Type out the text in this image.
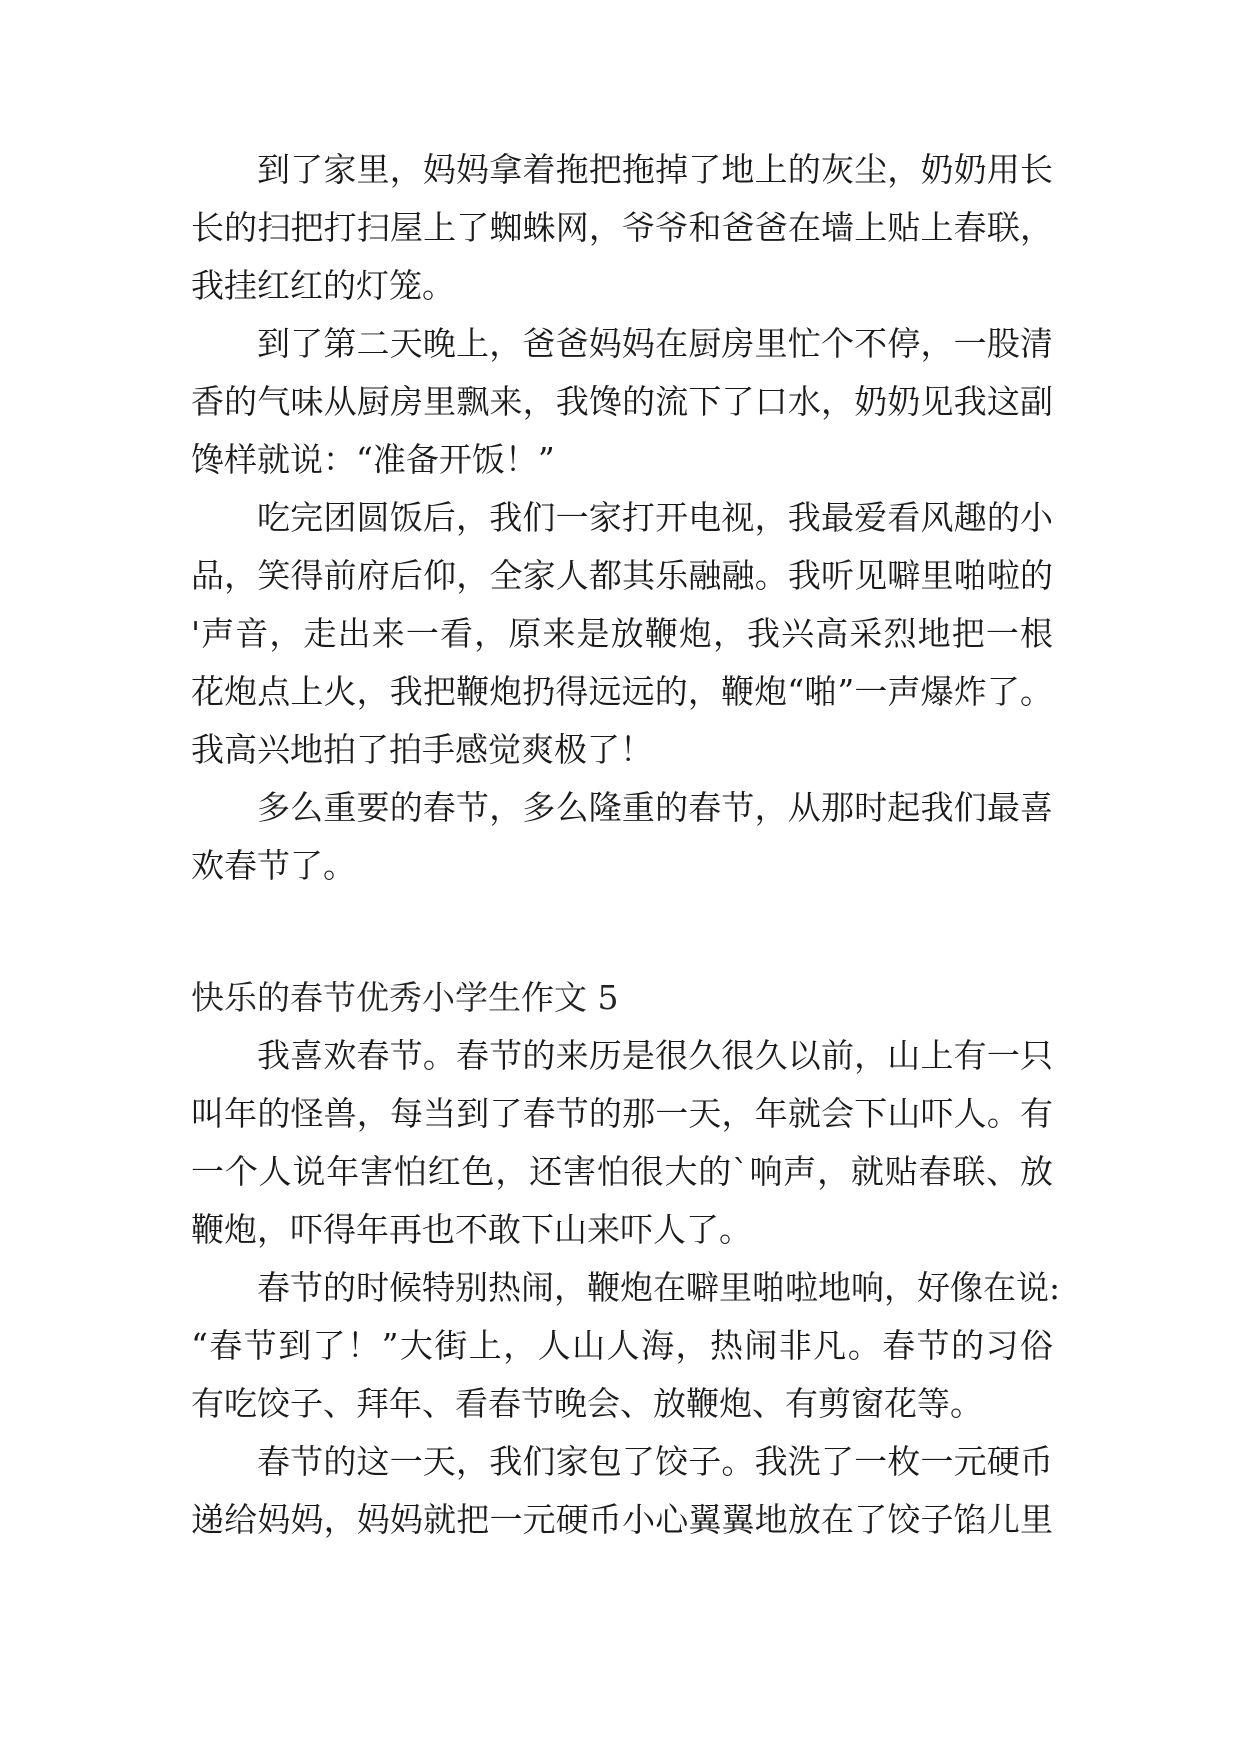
到了家里，妈妈拿着拖把拖掉了地上的灰尘，奶奶用长
长的扫把打扫屋上了蜘蛛网，爷爷和爸爸在墙上贴上春联，
我挂红红的灯笼。
到了第二天晚上，爸爸妈妈在厨房里忙个不停，一股清
香的气味从厨房里飘来，我馋的流下了口水，奶奶见我这副
馋样就说：“准备开饭！”
吃完团圆饭后，我们一家打开电视，我最爱看风趣的小
品，笑得前府后仰，全家人都其乐融融。我听见噼里啪啦的
'声音，走出来一看，原来是放鞭炮，我兴高采烈地把一根
花炮点上火，我把鞭炮扔得远远的，鞭炮“啪”一声爆炸了。
我高兴地拍了拍手感觉爽极了！
多么重要的春节，多么隆重的春节，从那时起我们最喜
欢春节了。
快乐的春节优秀小学生作文 5
我喜欢春节。春节的来历是很久很久以前，山上有一只
叫年的怪兽，每当到了春节的那一天，年就会下山吓人。有
一个人说年害怕红色，还害怕很大的`响声，就贴春联、放
鞭炮，吓得年再也不敢下山来吓人了。
春节的时候特别热闹，鞭炮在噼里啪啦地响，好像在说:
“春节到了！”大街上，人山人海，热闹非凡。春节的习俗
有吃饺子、拜年、看春节晚会、放鞭炮、有剪窗花等。
春节的这一天，我们家包了饺子。我洗了一枚一元硬币
递给妈妈，妈妈就把一元硬币小心翼翼地放在了饺子馅儿里
